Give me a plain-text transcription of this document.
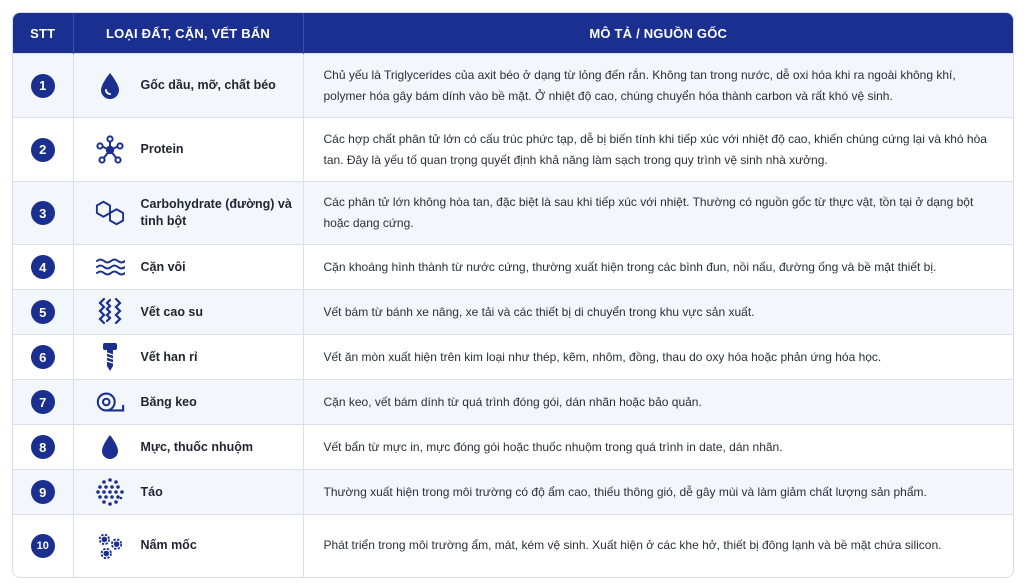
STT	LOẠI ĐẤT, CẶN, VẾT BẨN	MÔ TẢ / NGUỒN GỐC
1	Gốc dầu, mỡ, chất béo	Chủ yếu là Triglycerides của axit béo ở dạng từ lỏng đến rắn. Không tan trong nước, dễ oxi hóa khi ra ngoài không khí, polymer hóa gây bám dính vào bề mặt. Ở nhiệt độ cao, chúng chuyển hóa thành carbon và rất khó vệ sinh.
2	Protein	Các hợp chất phân tử lớn có cấu trúc phức tạp, dễ bị biến tính khi tiếp xúc với nhiệt độ cao, khiến chúng cứng lại và khó hòa tan. Đây là yếu tố quan trọng quyết định khả năng làm sạch trong quy trình vệ sinh nhà xưởng.
3	Carbohydrate (đường) và tinh bột	Các phân tử lớn không hòa tan, đặc biệt là sau khi tiếp xúc với nhiệt. Thường có nguồn gốc từ thực vật, tồn tại ở dạng bột hoặc dạng cứng.
4	Cặn vôi	Cặn khoáng hình thành từ nước cứng, thường xuất hiện trong các bình đun, nồi nấu, đường ống và bề mặt thiết bị.
5	Vết cao su	Vết bám từ bánh xe nâng, xe tải và các thiết bị di chuyển trong khu vực sản xuất.
6	Vết han rỉ	Vết ăn mòn xuất hiện trên kim loại như thép, kẽm, nhôm, đồng, thau do oxy hóa hoặc phản ứng hóa học.
7	Băng keo	Cặn keo, vết bám dính từ quá trình đóng gói, dán nhãn hoặc bảo quản.
8	Mực, thuốc nhuộm	Vết bẩn từ mực in, mực đóng gói hoặc thuốc nhuộm trong quá trình in date, dán nhãn.
9	Táo	Thường xuất hiện trong môi trường có độ ẩm cao, thiếu thông gió, dễ gây mùi và làm giảm chất lượng sản phẩm.
10	Nấm mốc	Phát triển trong môi trường ẩm, mát, kém vệ sinh. Xuất hiện ở các khe hở, thiết bị đông lạnh và bề mặt chứa silicon.
